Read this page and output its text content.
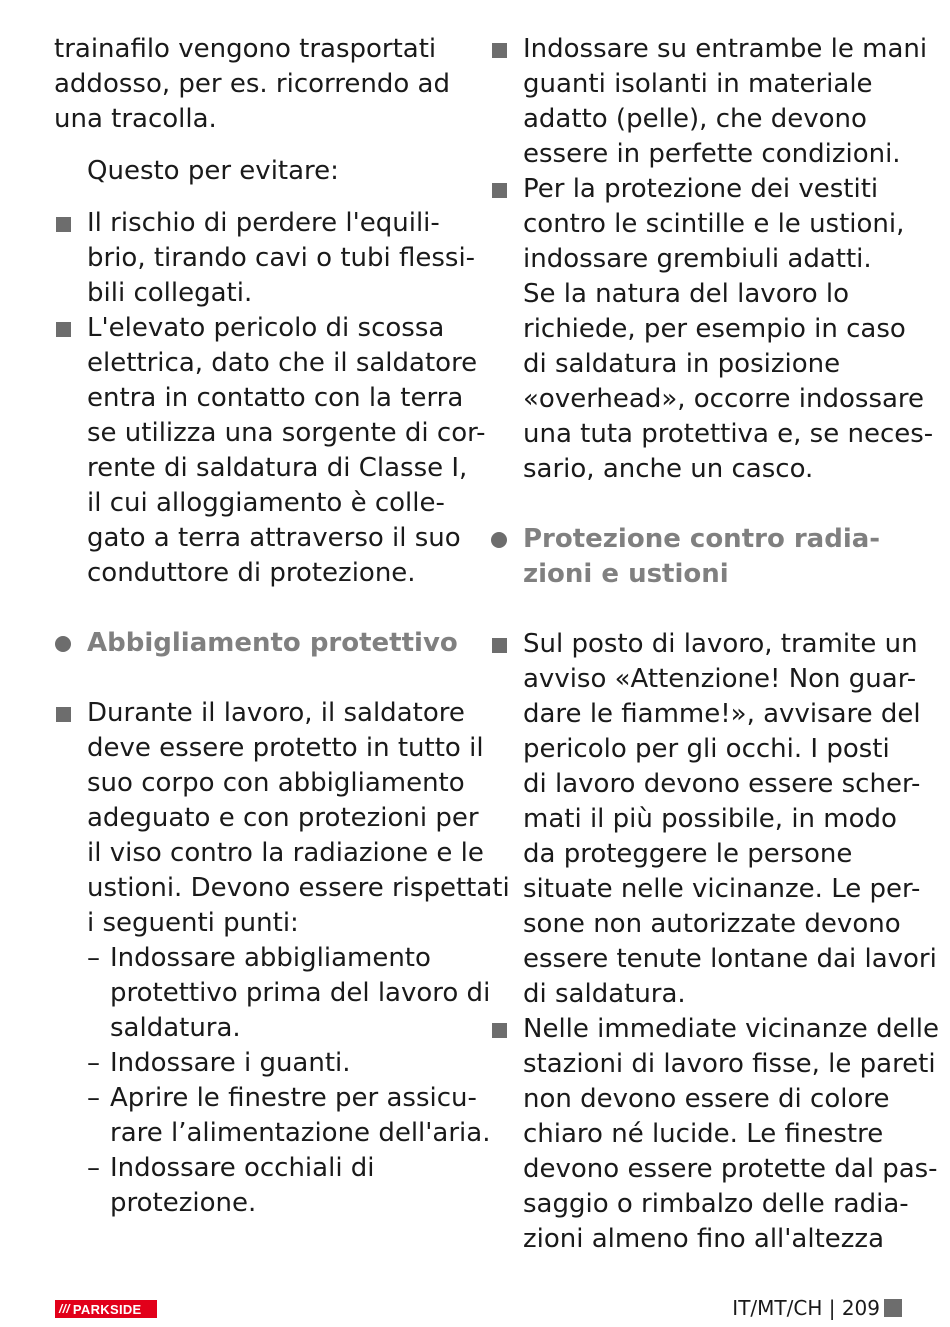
trainafilo vengono trasportati
addosso, per es. ricorrendo ad
una tracolla.
Questo per evitare:
Il rischio di perdere l'equili-
brio, tirando cavi o tubi flessi-
bili collegati.
L'elevato pericolo di scossa
elettrica, dato che il saldatore
entra in contatto con la terra
se utilizza una sorgente di cor-
rente di saldatura di Classe I,
il cui alloggiamento è colle-
gato a terra attraverso il suo
conduttore di protezione.
Abbigliamento protettivo
Durante il lavoro, il saldatore
deve essere protetto in tutto il
suo corpo con abbigliamento
adeguato e con protezioni per
il viso contro la radiazione e le
ustioni. Devono essere rispettati
i seguenti punti:
– Indossare abbigliamento
protettivo prima del lavoro di
saldatura.
– Indossare i guanti.
– Aprire le finestre per assicu-
rare l’alimentazione dell'aria.
– Indossare occhiali di
protezione.
Indossare su entrambe le mani
guanti isolanti in materiale
adatto (pelle), che devono
essere in perfette condizioni.
Per la protezione dei vestiti
contro le scintille e le ustioni,
indossare grembiuli adatti.
Se la natura del lavoro lo
richiede, per esempio in caso
di saldatura in posizione
«overhead», occorre indossare
una tuta protettiva e, se neces-
sario, anche un casco.
Protezione contro radia-
zioni e ustioni
Sul posto di lavoro, tramite un
avviso «Attenzione! Non guar-
dare le fiamme!», avvisare del
pericolo per gli occhi. I posti
di lavoro devono essere scher-
mati il più possibile, in modo
da proteggere le persone
situate nelle vicinanze. Le per-
sone non autorizzate devono
essere tenute lontane dai lavori
di saldatura.
Nelle immediate vicinanze delle
stazioni di lavoro fisse, le pareti
non devono essere di colore
chiaro né lucide. Le finestre
devono essere protette dal pas-
saggio o rimbalzo delle radia-
zioni almeno fino all'altezza
/// PARKSIDE	IT/MT/CH | 209
